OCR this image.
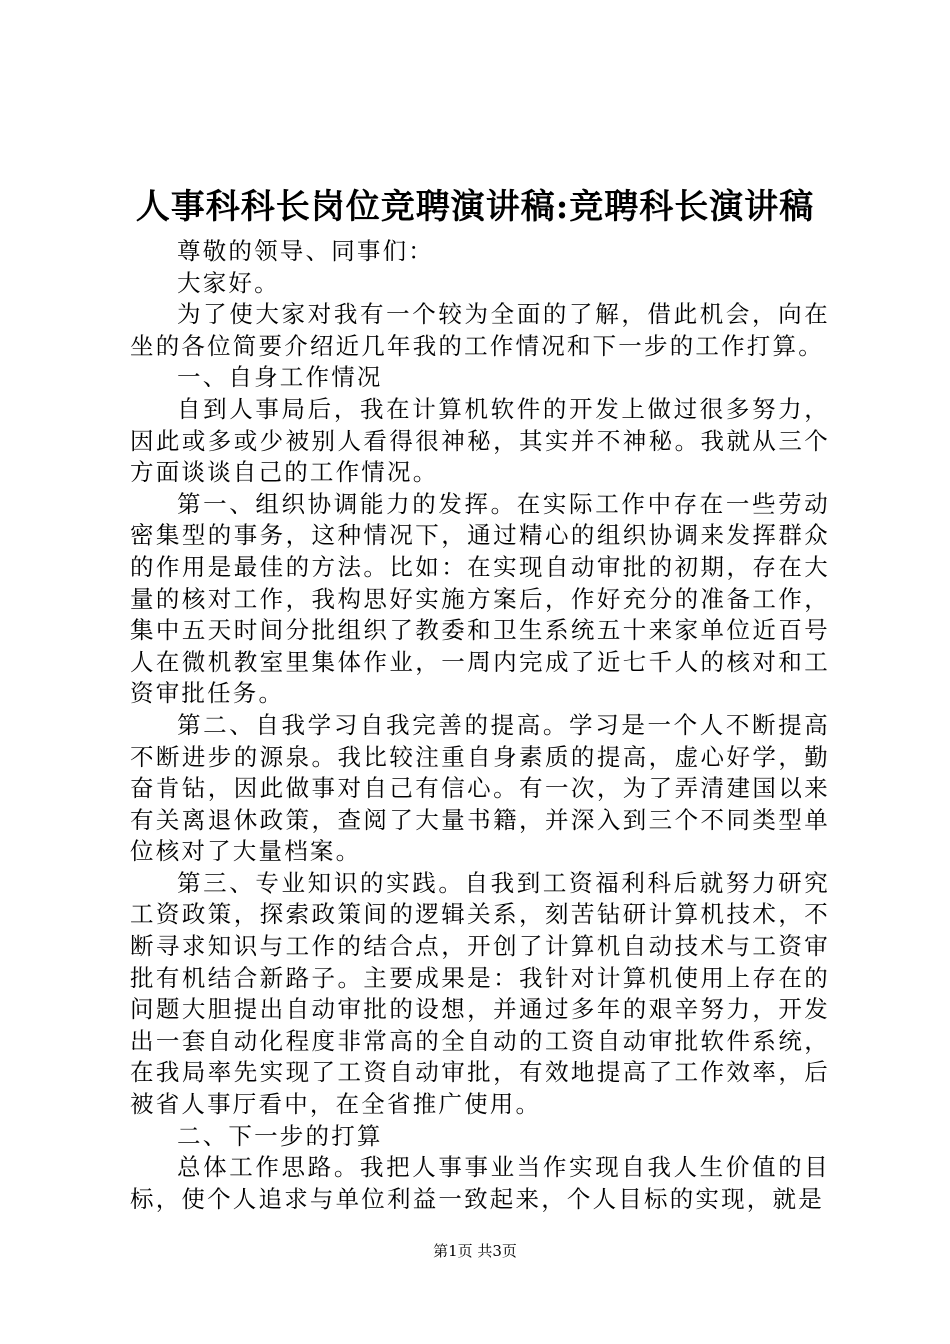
人事科科长岗位竞聘演讲稿:竞聘科长演讲稿

尊敬的领导、同事们：

大家好。

为了使大家对我有一个较为全面的了解，借此机会，向在坐的各位简要介绍近几年我的工作情况和下一步的工作打算。

一、自身工作情况

自到人事局后，我在计算机软件的开发上做过很多努力，因此或多或少被别人看得很神秘，其实并不神秘。我就从三个方面谈谈自己的工作情况。

第一、组织协调能力的发挥。在实际工作中存在一些劳动密集型的事务，这种情况下，通过精心的组织协调来发挥群众的作用是最佳的方法。比如：在实现自动审批的初期，存在大量的核对工作，我构思好实施方案后，作好充分的准备工作，集中五天时间分批组织了教委和卫生系统五十来家单位近百号人在微机教室里集体作业，一周内完成了近七千人的核对和工资审批任务。

第二、自我学习自我完善的提高。学习是一个人不断提高不断进步的源泉。我比较注重自身素质的提高，虚心好学，勤奋肯钻，因此做事对自己有信心。有一次，为了弄清建国以来有关离退休政策，查阅了大量书籍，并深入到三个不同类型单位核对了大量档案。

第三、专业知识的实践。自我到工资福利科后就努力研究工资政策，探索政策间的逻辑关系，刻苦钻研计算机技术，不断寻求知识与工作的结合点，开创了计算机自动技术与工资审批有机结合新路子。主要成果是：我针对计算机使用上存在的问题大胆提出自动审批的设想，并通过多年的艰辛努力，开发出一套自动化程度非常高的全自动的工资自动审批软件系统，在我局率先实现了工资自动审批，有效地提高了工作效率，后被省人事厅看中，在全省推广使用。

二、下一步的打算

总体工作思路。我把人事事业当作实现自我人生价值的目标，使个人追求与单位利益一致起来，个人目标的实现，就是

第1页 共3页
